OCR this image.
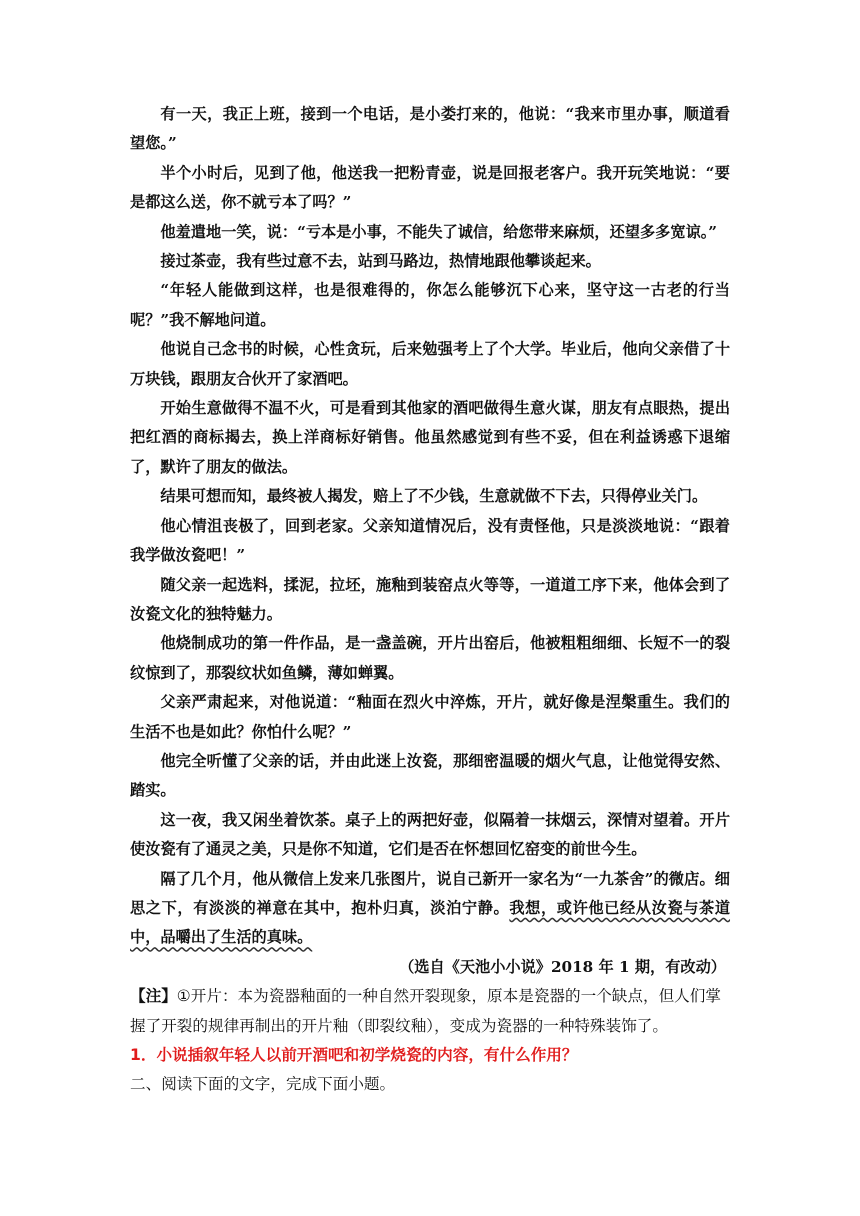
有一天，我正上班，接到一个电话，是小娄打来的，他说：“我来市里办事，顺道看望您。”

半个小时后，见到了他，他送我一把粉青壶，说是回报老客户。我开玩笑地说：“要是都这么送，你不就亏本了吗？”

他羞遣地一笑，说：“亏本是小事，不能失了诚信，给您带来麻烦，还望多多宽谅。”

接过茶壶，我有些过意不去，站到马路边，热情地跟他攀谈起来。

“年轻人能做到这样，也是很难得的，你怎么能够沉下心来，坚守这一古老的行当呢？”我不解地问道。

他说自己念书的时候，心性贪玩，后来勉强考上了个大学。毕业后，他向父亲借了十万块钱，跟朋友合伙开了家酒吧。

开始生意做得不温不火，可是看到其他家的酒吧做得生意火谋，朋友有点眼热，提出把红酒的商标揭去，换上洋商标好销售。他虽然感觉到有些不妥，但在利益诱惑下退缩了，默许了朋友的做法。

结果可想而知，最终被人揭发，赔上了不少钱，生意就做不下去，只得停业关门。

他心情沮丧极了，回到老家。父亲知道情况后，没有责怪他，只是淡淡地说：“跟着我学做汝瓷吧！”

随父亲一起选料，揉泥，拉坯，施釉到装窑点火等等，一道道工序下来，他体会到了汝瓷文化的独特魅力。

他烧制成功的第一件作品，是一盏盖碗，开片出窑后，他被粗粗细细、长短不一的裂纹惊到了，那裂纹状如鱼鳞，薄如蝉翼。

父亲严肃起来，对他说道：“釉面在烈火中淬炼，开片，就好像是涅槃重生。我们的生活不也是如此？你怕什么呢？”

他完全听懂了父亲的话，并由此迷上汝瓷，那细密温暖的烟火气息，让他觉得安然、踏实。

这一夜，我又闲坐着饮茶。桌子上的两把好壶，似隔着一抹烟云，深情对望着。开片使汝瓷有了通灵之美，只是你不知道，它们是否在怀想回忆窑变的前世今生。

隔了几个月，他从微信上发来几张图片，说自己新开一家名为“一九茶舍”的微店。细思之下，有淡淡的禅意在其中，抱朴归真，淡泊宁静。我想，或许他已经从汝瓷与茶道中，品嚼出了生活的真味。

（选自《天池小小说》2018 年 1 期，有改动）

【注】①开片：本为瓷器釉面的一种自然开裂现象，原本是瓷器的一个缺点，但人们掌握了开裂的规律再制出的开片釉（即裂纹釉），变成为瓷器的一种特殊装饰了。

1．小说插叙年轻人以前开酒吧和初学烧瓷的内容，有什么作用？

二、阅读下面的文字，完成下面小题。
